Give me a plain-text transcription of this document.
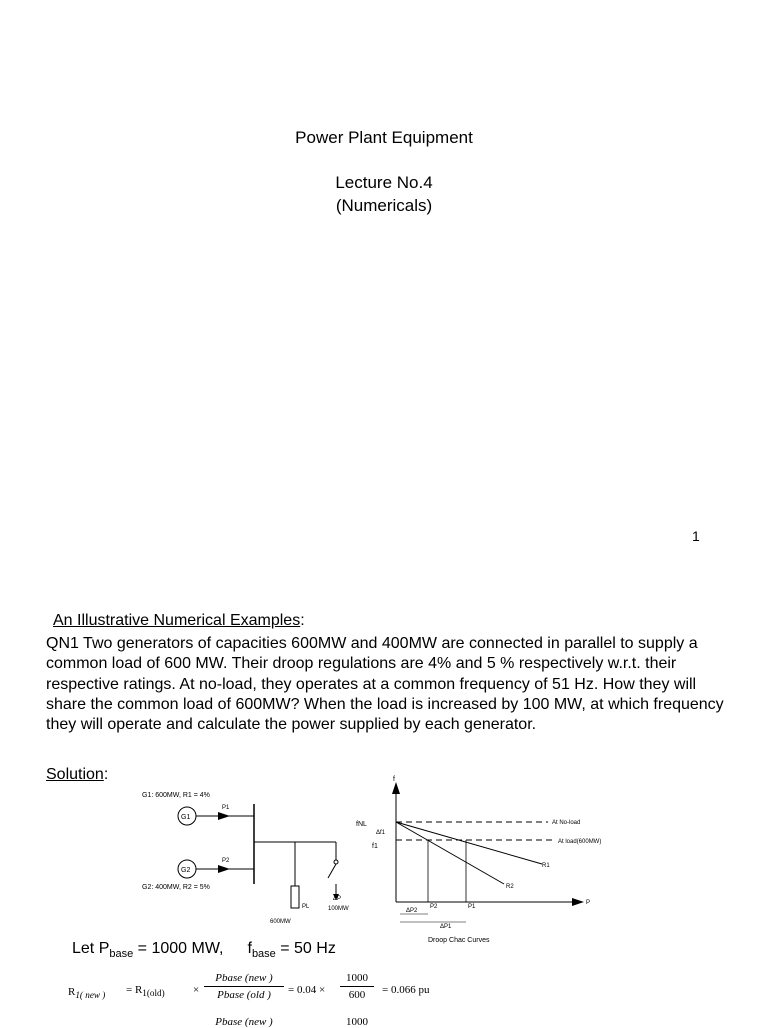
Power Plant Equipment
Lecture No.4
(Numericals)
1
An Illustrative Numerical Examples:
QN1 Two generators of capacities 600MW and 400MW are connected in parallel to supply a common load of 600 MW. Their droop regulations are 4% and 5 % respectively w.r.t. their respective ratings. At no-load, they operates at a common frequency of 51 Hz. How they will share the common load of 600MW? When the load is increased by 100 MW, at which frequency they will operate and calculate the power supplied by each generator.
Solution:
G1: 600MW, R1 = 4%
G1
P1
G2
P2
G2: 400MW, R2 = 5%
PL
600MW
ΔP
100MW
f
P
fNL
Δf1
f1
At No-load
At load(600MW)
R1
R2
P2	P1
ΔP2
ΔP1
Droop Chac Curves
Let $P_{base} = 1000$ MW, $f_{base} = 50$ Hz
$R_{1( new )} = R_{1(old)}$	×
Pbase (new )
Pbase (old )	= 0.04 ×
1000
600	= 0.066 pu
Pbase (new )	1000
